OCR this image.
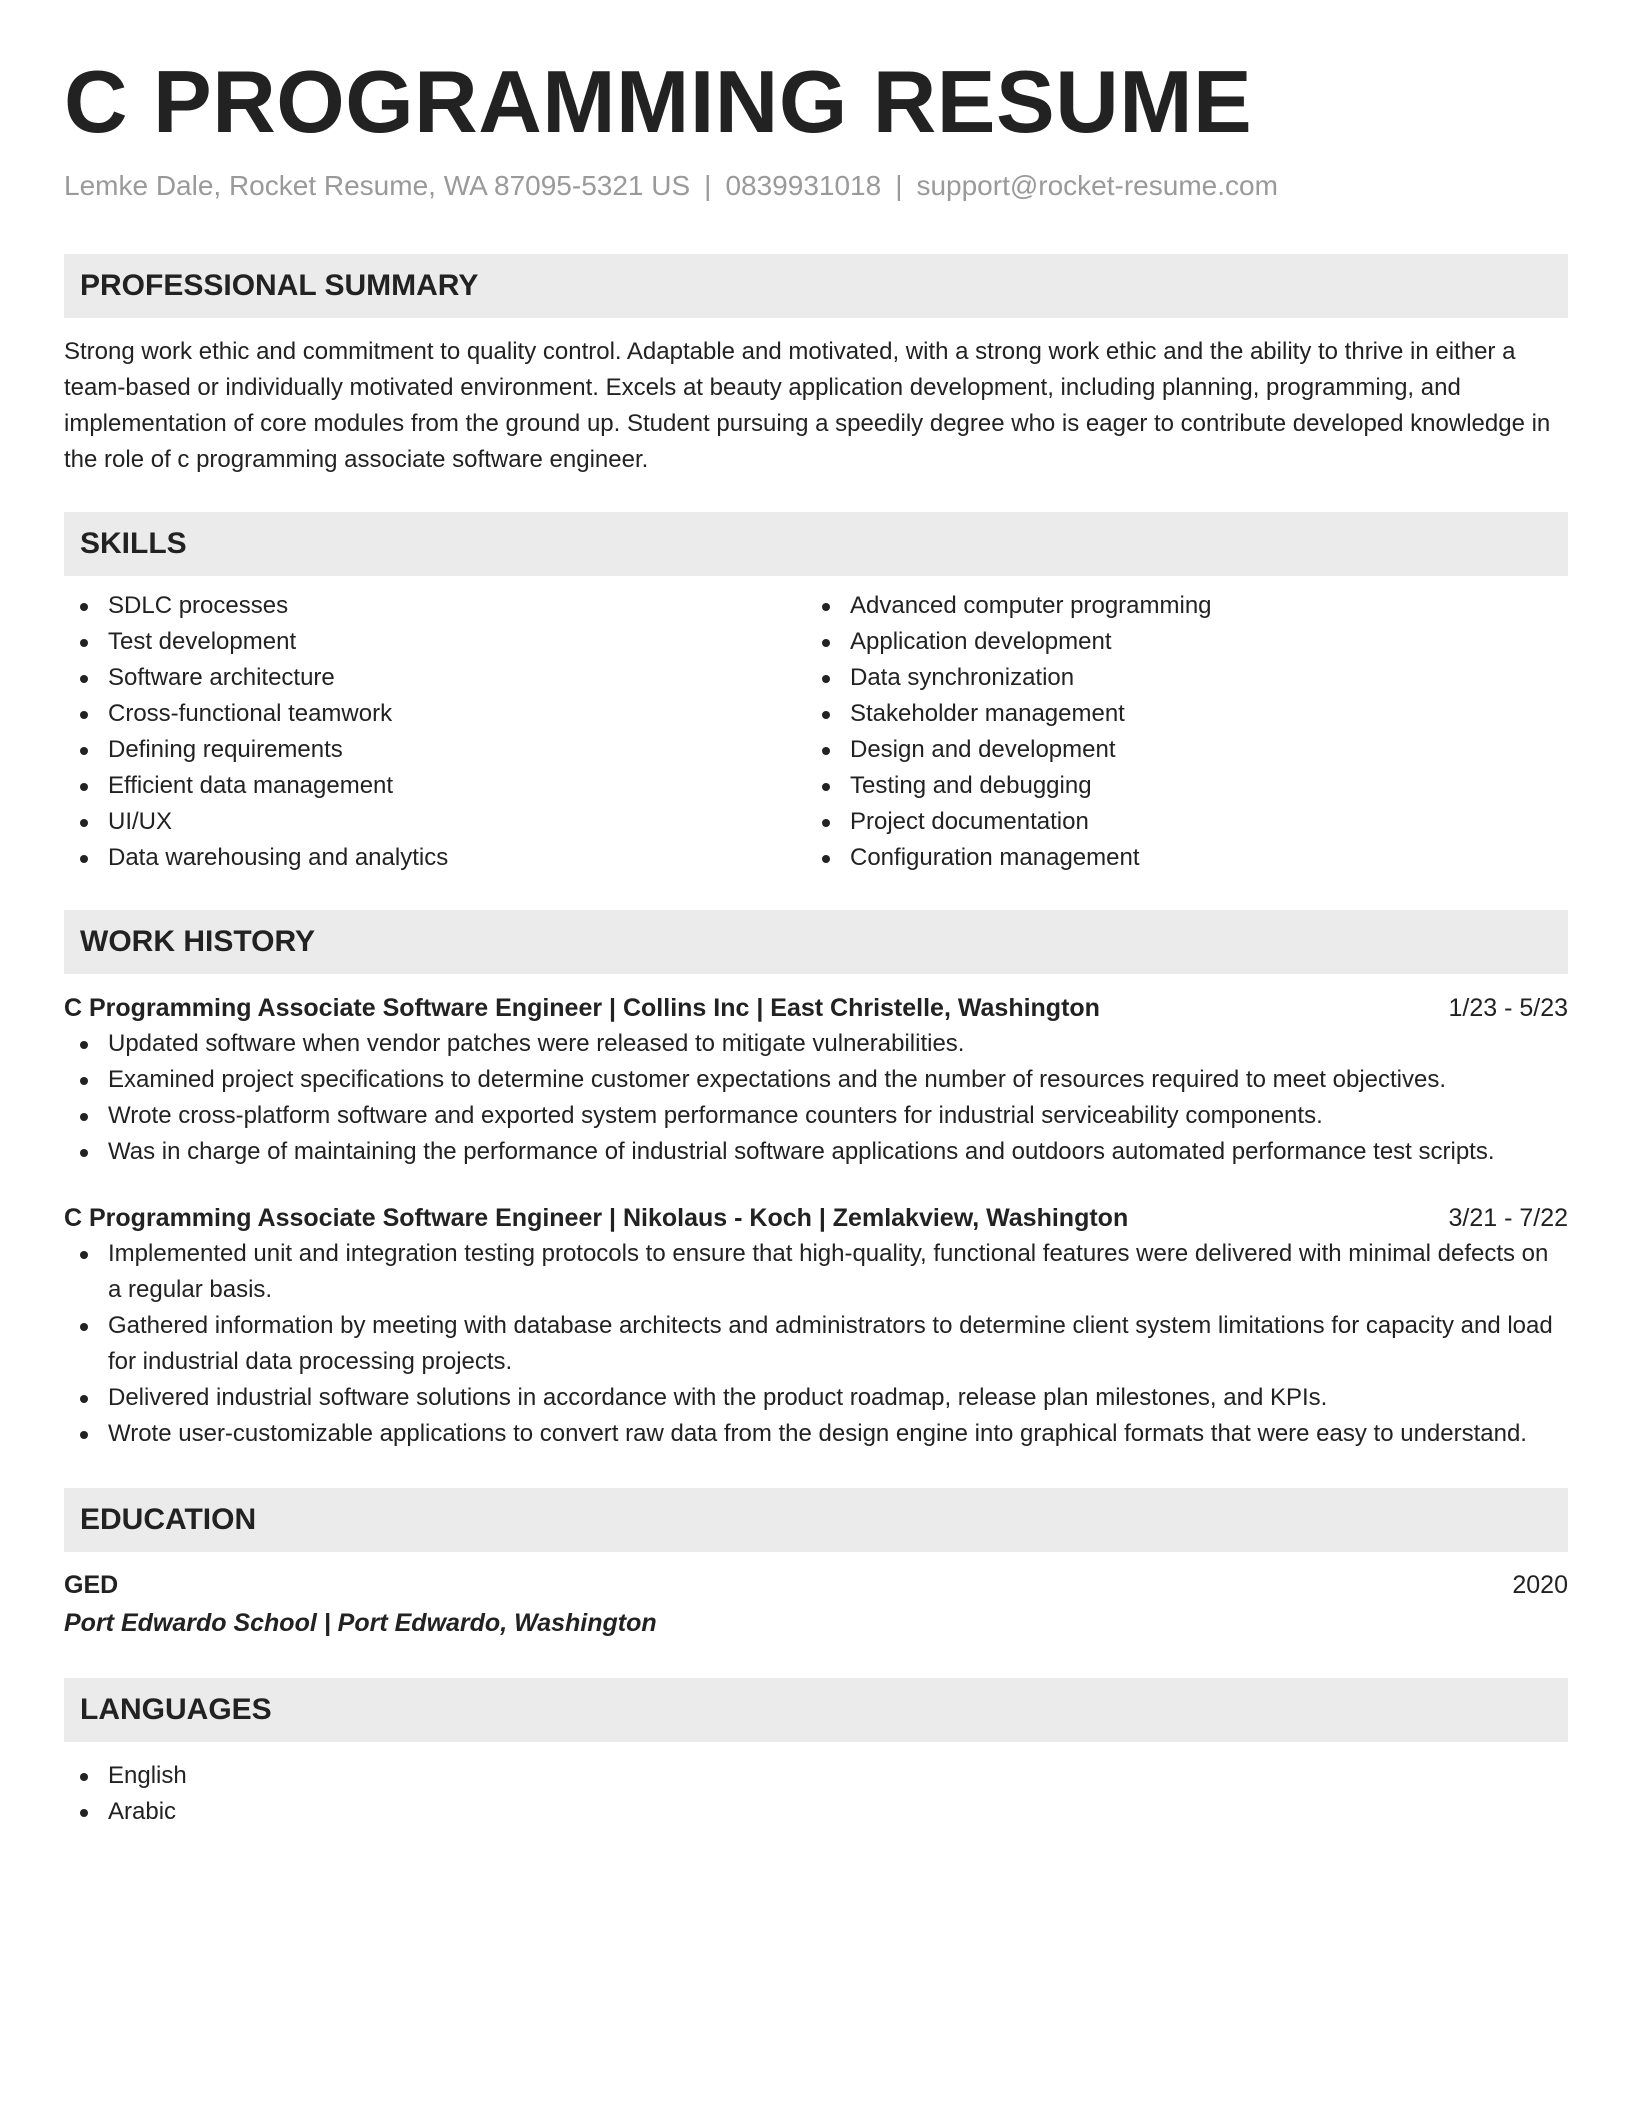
C PROGRAMMING RESUME
Lemke Dale, Rocket Resume, WA 87095-5321 US | 0839931018 | support@rocket-resume.com
PROFESSIONAL SUMMARY

Strong work ethic and commitment to quality control. Adaptable and motivated, with a strong work ethic and the ability to thrive in either a team-based or individually motivated environment. Excels at beauty application development, including planning, programming, and implementation of core modules from the ground up. Student pursuing a speedily degree who is eager to contribute developed knowledge in the role of c programming associate software engineer.

SKILLS
SDLC processes
Test development
Software architecture
Cross-functional teamwork
Defining requirements
Efficient data management
UI/UX
Data warehousing and analytics
Advanced computer programming
Application development
Data synchronization
Stakeholder management
Design and development
Testing and debugging
Project documentation
Configuration management
WORK HISTORY
C Programming Associate Software Engineer | Collins Inc | East Christelle, Washington	1/23 - 5/23
Updated software when vendor patches were released to mitigate vulnerabilities.
Examined project specifications to determine customer expectations and the number of resources required to meet objectives.
Wrote cross-platform software and exported system performance counters for industrial serviceability components.
Was in charge of maintaining the performance of industrial software applications and outdoors automated performance test scripts.
C Programming Associate Software Engineer | Nikolaus - Koch | Zemlakview, Washington	3/21 - 7/22
Implemented unit and integration testing protocols to ensure that high-quality, functional features were delivered with minimal defects on a regular basis.
Gathered information by meeting with database architects and administrators to determine client system limitations for capacity and load for industrial data processing projects.
Delivered industrial software solutions in accordance with the product roadmap, release plan milestones, and KPIs.
Wrote user-customizable applications to convert raw data from the design engine into graphical formats that were easy to understand.
EDUCATION
GED	2020
Port Edwardo School | Port Edwardo, Washington
LANGUAGES
English
Arabic
